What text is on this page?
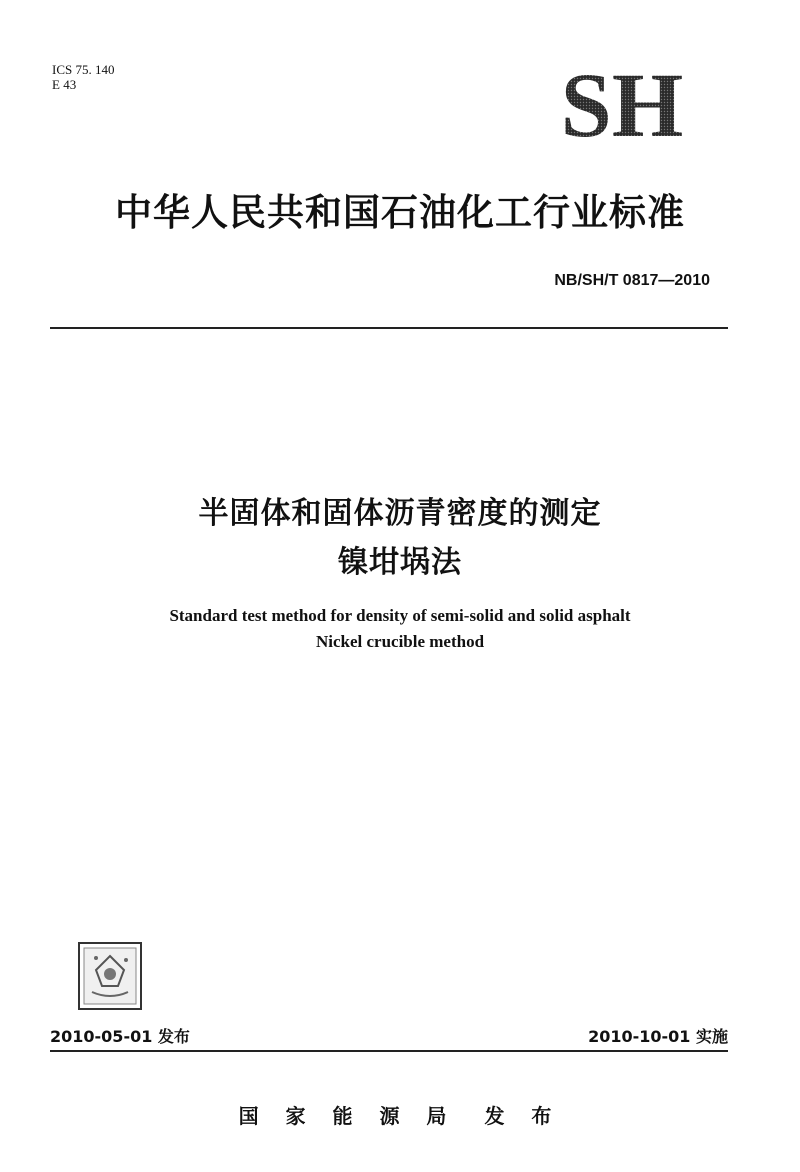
ICS 75. 140
E 43	SH
中华人民共和国石油化工行业标准
NB/SH/T 0817—2010
半固体和固体沥青密度的测定
镍坩埚法
Standard test method for density of semi-solid and solid asphalt
Nickel crucible method
2010-05-01 发布	2010-10-01 实施
国 家 能 源 局 发 布
